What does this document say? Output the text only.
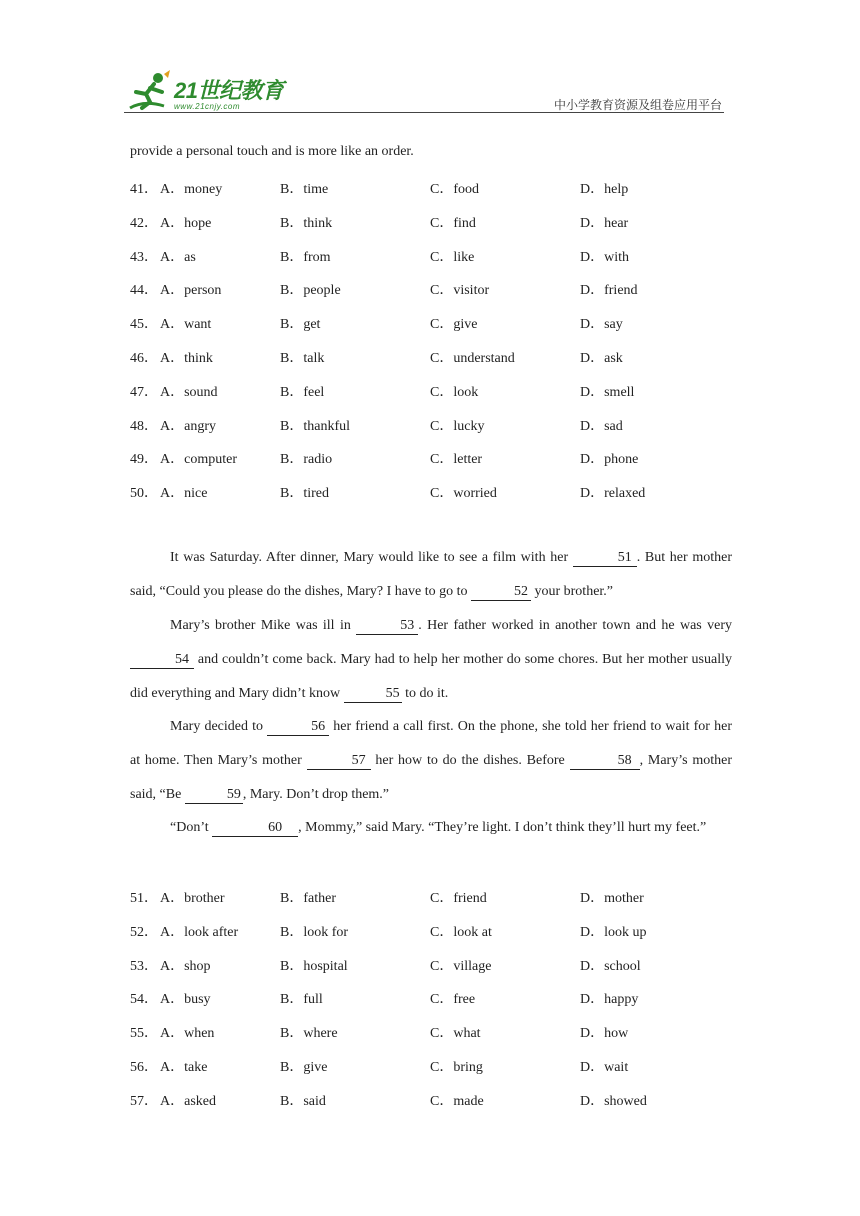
21世纪教育
www.21cnjy.com	中小学教育资源及组卷应用平台
provide a personal touch and is more like an order.
41． A．money	B．time	C．food	D．help
42． A．hope	B．think	C．find	D．hear
43． A．as	B．from	C．like	D．with
44． A．person	B．people	C．visitor	D．friend
45． A．want	B．get	C．give	D．say
46． A．think	B．talk	C．understand	D．ask
47． A．sound	B．feel	C．look	D．smell
48． A．angry	B．thankful	C．lucky	D．sad
49． A．computer	B．radio	C．letter	D．phone
50． A．nice	B．tired	C．worried	D．relaxed
It was Saturday. After dinner, Mary would like to see a film with her	51 . But her mother said, “Could you please do the dishes, Mary? I have to go to	52 your brother.”
Mary’s brother Mike was ill in	53 . Her father worked in another town and he was very 54 and couldn’t come back. Mary had to help her mother do some chores. But her mother usually did everything and Mary didn’t know	55 to do it.
Mary decided to	56 her friend a call first. On the phone, she told her friend to wait for her at home. Then Mary’s mother	57 her how to do the dishes. Before	58 , Mary’s mother said, “Be	59 , Mary. Don’t drop them.”
“Don’t	60 , Mommy,” said Mary. “They’re light. I don’t think they’ll hurt my feet.”
51． A．brother	B．father	C．friend	D．mother
52． A．look after	B．look for	C．look at	D．look up
53． A．shop	B．hospital	C．village	D．school
54． A．busy	B．full	C．free	D．happy
55． A．when	B．where	C．what	D．how
56． A．take	B．give	C．bring	D．wait
57． A．asked	B．said	C．made	D．showed
